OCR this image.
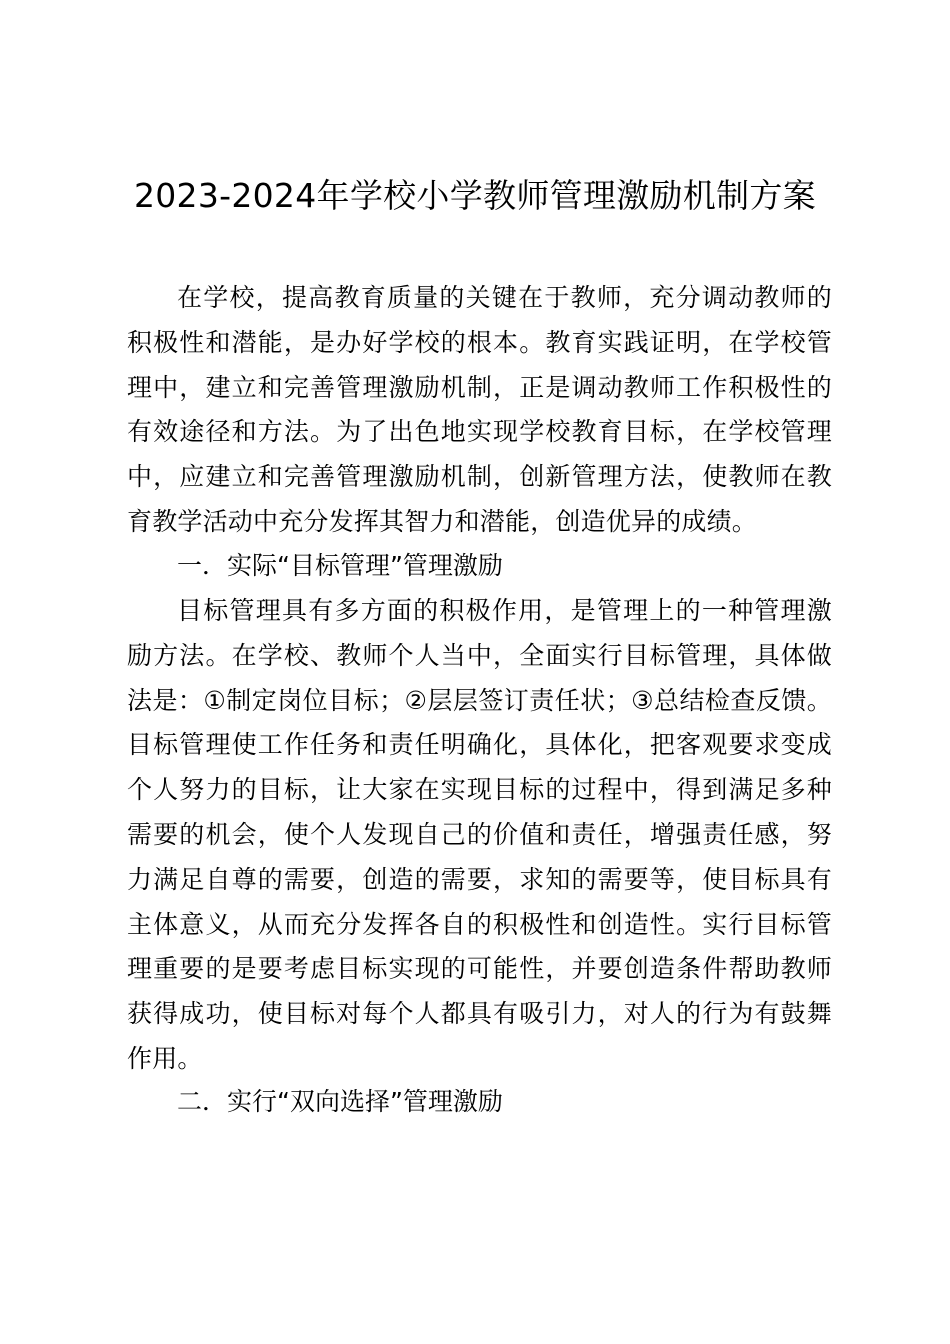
2023-2024年学校小学教师管理激励机制方案

在学校，提高教育质量的关键在于教师，充分调动教师的积极性和潜能，是办好学校的根本。教育实践证明，在学校管理中，建立和完善管理激励机制，正是调动教师工作积极性的有效途径和方法。为了出色地实现学校教育目标，在学校管理中，应建立和完善管理激励机制，创新管理方法，使教师在教育教学活动中充分发挥其智力和潜能，创造优异的成绩。

一．实际“目标管理”管理激励

目标管理具有多方面的积极作用，是管理上的一种管理激励方法。在学校、教师个人当中，全面实行目标管理，具体做法是：①制定岗位目标；②层层签订责任状；③总结检查反馈。目标管理使工作任务和责任明确化，具体化，把客观要求变成个人努力的目标，让大家在实现目标的过程中，得到满足多种需要的机会，使个人发现自己的价值和责任，增强责任感，努力满足自尊的需要，创造的需要，求知的需要等，使目标具有主体意义，从而充分发挥各自的积极性和创造性。实行目标管理重要的是要考虑目标实现的可能性，并要创造条件帮助教师获得成功，使目标对每个人都具有吸引力，对人的行为有鼓舞作用。

二．实行“双向选择”管理激励
